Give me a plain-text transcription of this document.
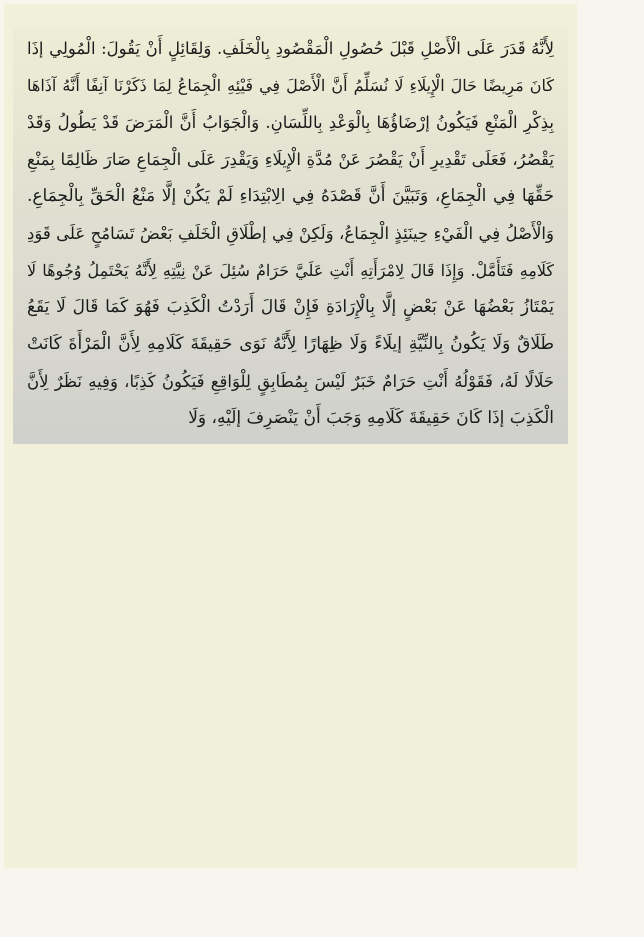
لِأَنَّهُ قَدَرَ عَلَى الْأَصْلِ قَبْلَ حُصُولِ الْمَقْصُودِ بِالْخَلَفِ. وَلِقَائِلٍ أَنْ يَقُولَ: الْمُولِي إذَا
كَانَ مَرِيضًا حَالَ الْإِيلَاءِ لَا نُسَلِّمُ أَنَّ الْأَصْلَ فِي فَيْئِهِ الْجِمَاعُ لِمَا ذَكَرْنَا آنِفًا أَنَّهُ آذَاهَا
بِذِكْرِ الْمَنْعِ فَيَكُونُ إرْضَاؤُهَا بِالْوَعْدِ بِاللِّسَانِ. وَالْجَوَابُ أَنَّ الْمَرَضَ قَدْ يَطُولُ وَقَدْ
يَقْصُرُ، فَعَلَى تَقْدِيرِ أَنْ يَقْصُرَ عَنْ مُدَّةِ الْإِيلَاءِ وَيَقْدِرَ عَلَى الْجِمَاعِ صَارَ ظَالِمًا بِمَنْعِ
حَقِّهَا فِي الْجِمَاعِ، وَتَبَيَّنَ أَنَّ قَصْدَهُ فِي الِابْتِدَاءِ لَمْ يَكُنْ إلَّا مَنْعُ الْحَقِّ بِالْجِمَاعِ.
وَالْأَصْلُ فِي الْفَيْءِ حِينَئِذٍ الْجِمَاعُ، وَلَكِنْ فِي إطْلَاقِ الْخَلَفِ بَعْضُ تَسَامُحٍ عَلَى قَوَدِ
كَلَامِهِ فَتَأَمَّلْ. وَإِذَا قَالَ لِامْرَأَتِهِ أَنْتِ عَلَيَّ حَرَامٌ سُئِلَ عَنْ نِيَّتِهِ لِأَنَّهُ يَحْتَمِلُ وُجُوهًا لَا
يَمْتَازُ بَعْضُهَا عَنْ بَعْضٍ إلَّا بِالْإِرَادَةِ فَإِنْ قَالَ أَرَدْتُ الْكَذِبَ فَهُوَ كَمَا قَالَ لَا يَقَعُ
طَلَاقٌ وَلَا يَكُونُ بِالنِّيَّةِ إيلَاءً وَلَا ظِهَارًا لِأَنَّهُ نَوَى حَقِيقَةَ كَلَامِهِ لِأَنَّ الْمَرْأَةَ كَانَتْ
حَلَالًا لَهُ، فَقَوْلُهُ أَنْتِ حَرَامٌ خَبَرٌ لَيْسَ بِمُطَابِقٍ لِلْوَاقِعِ فَيَكُونُ كَذِبًا، وَفِيهِ نَظَرٌ لِأَنَّ
الْكَذِبَ إذَا كَانَ حَقِيقَةَ كَلَامِهِ وَجَبَ أَنْ يَنْصَرِفَ إلَيْهِ، وَلَا
